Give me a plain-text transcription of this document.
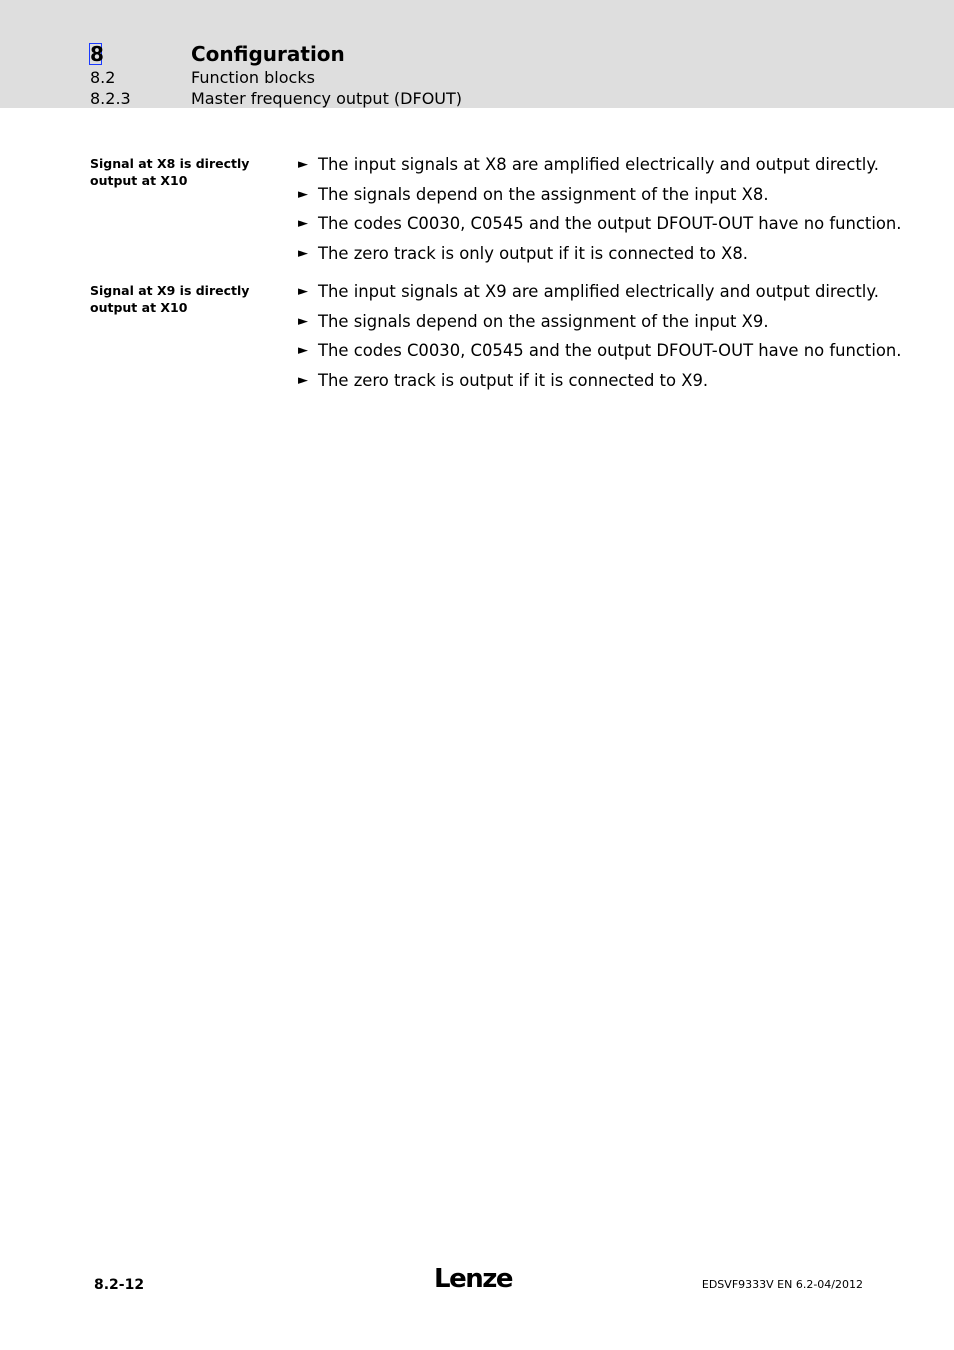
8	Configuration
8.2	Function blocks
8.2.3	Master frequency output (DFOUT)
Signal at X8 is directly output at X10
► The input signals at X8 are amplified electrically and output directly.
► The signals depend on the assignment of the input X8.
► The codes C0030, C0545 and the output DFOUT-OUT have no function.
► The zero track is only output if it is connected to X8.
Signal at X9 is directly output at X10
► The input signals at X9 are amplified electrically and output directly.
► The signals depend on the assignment of the input X9.
► The codes C0030, C0545 and the output DFOUT-OUT have no function.
► The zero track is output if it is connected to X9.
8.2-12	Lenze	EDSVF9333V EN 6.2-04/2012
